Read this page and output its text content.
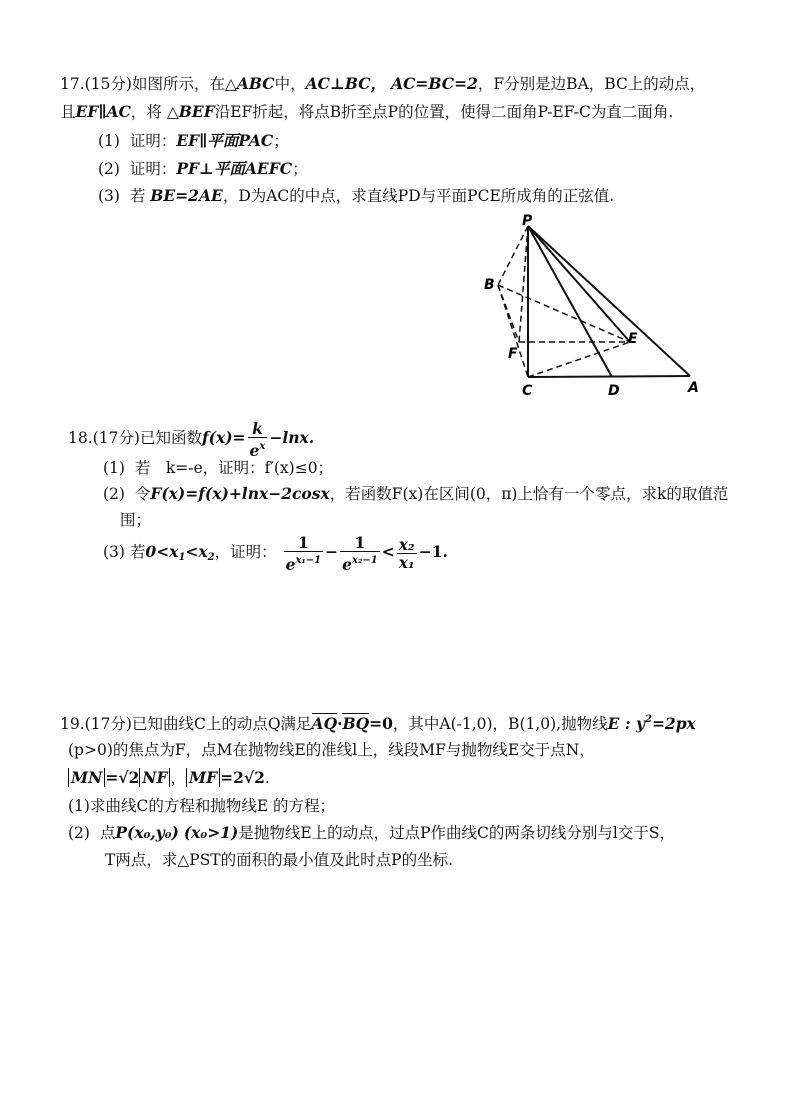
17.(15分)如图所示，在△ABC中，AC⊥BC， AC=BC=2，F分别是边BA，BC上的动点，
且EF∥AC，将 △BEF沿EF折起，将点B折至点P的位置，使得二面角P-EF-C为直二面角.
(1) 证明：EF∥平面PAC；
(2) 证明：PF⊥平面AEFC；
(3) 若 BE=2AE，D为AC的中点，求直线PD与平面PCE所成角的正弦值.
P
B
E
F
C	D	A
18.(17分)已知函数$f(x)= \frac{k}{e^x} -\ln x$.
(1) 若　k=-e，证明：f′(x)≤0；
(2) 令F(x)=f(x)+lnx−2cosx，若函数F(x)在区间(0，π)上恰有一个零点，求k的取值范
围；
(3) 若$0<x_1<x_2$，证明： $\frac{1}{e^{x_1-1}} - \frac{1}{e^{x_2-1}} < \frac{\text{x₂}}{\text{x₁}} -1$.
19.(17分)已知曲线C上的动点Q满足AQ·BQ=0，其中A(-1,0)，B(1,0),抛物线E : $y^2=2px$
(p>0)的焦点为F，点M在抛物线E的准线l上，线段MF与抛物线E交于点N，
MN =√2 NF ， MF =2√2.
(1)求曲线C的方程和抛物线E 的方程；
(2) 点P(x₀,y₀) (x₀>1)是抛物线E上的动点，过点P作曲线C的两条切线分别与l交于S，
T两点，求△PST的面积的最小值及此时点P的坐标.
